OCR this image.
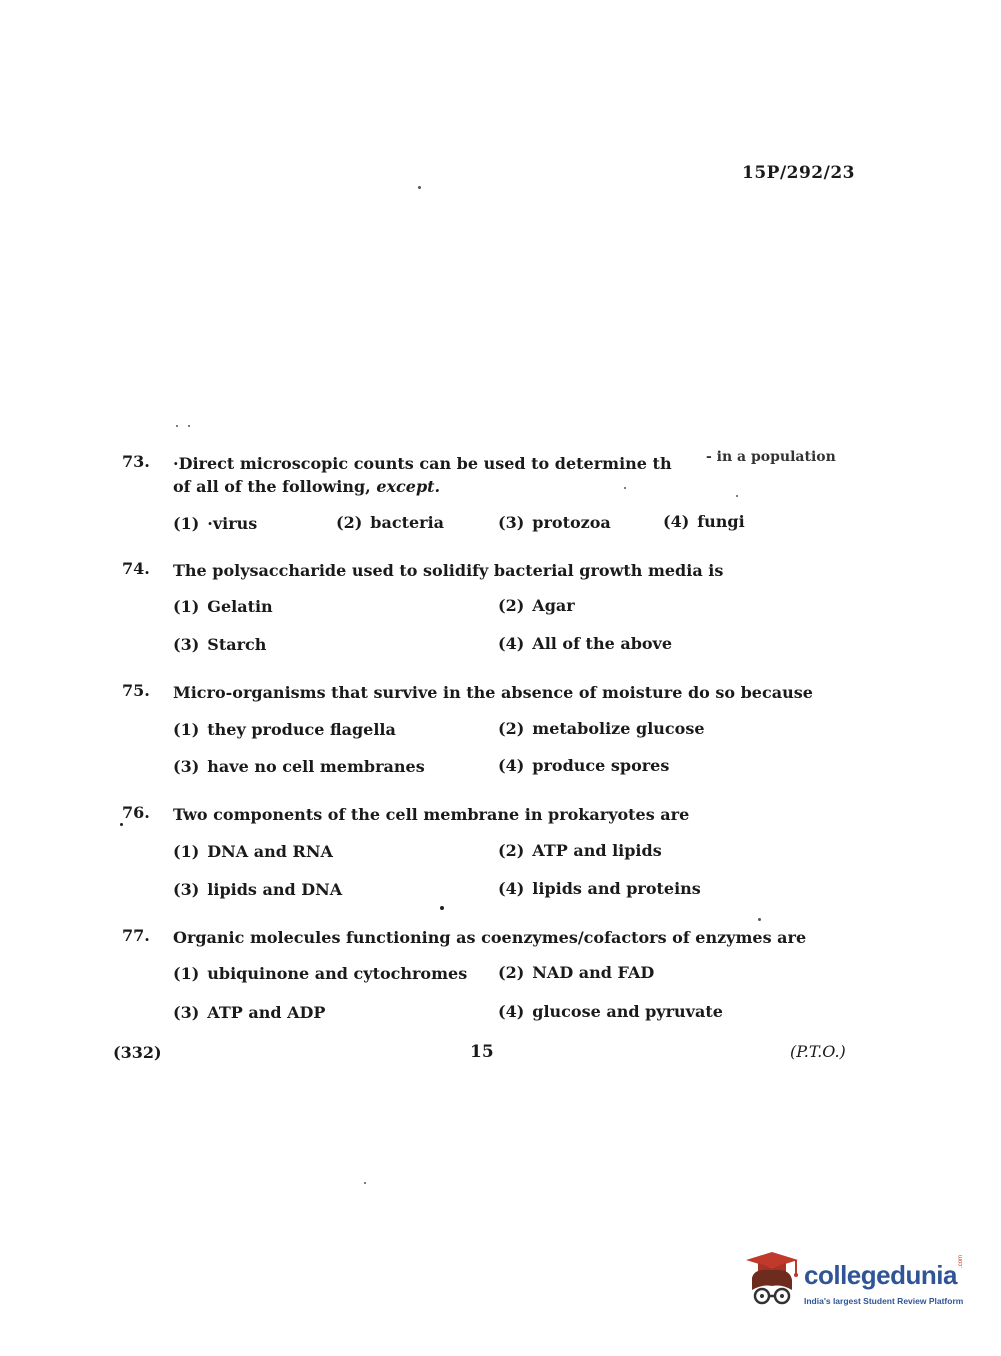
15P/292/23
73. ·Direct microscopic counts can be used to determine th
of all of the following, except.
- in a population
(1) ·virus	(2) bacteria	(3) protozoa	(4) fungi
74. The polysaccharide used to solidify bacterial growth media is
(1) Gelatin	(2) Agar
(3) Starch	(4) All of the above
75. Micro-organisms that survive in the absence of moisture do so because
(1) they produce flagella	(2) metabolize glucose
(3) have no cell membranes	(4) produce spores
76. Two components of the cell membrane in prokaryotes are
(1) DNA and RNA	(2) ATP and lipids
(3) lipids and DNA	(4) lipids and proteins
77. Organic molecules functioning as coenzymes/cofactors of enzymes are
(1) ubiquinone and cytochromes (2) NAD and FAD
(3) ATP and ADP	(4) glucose and pyruvate
(332)	15	(P.T.O.)
collegedunia .com
India's largest Student Review Platform
